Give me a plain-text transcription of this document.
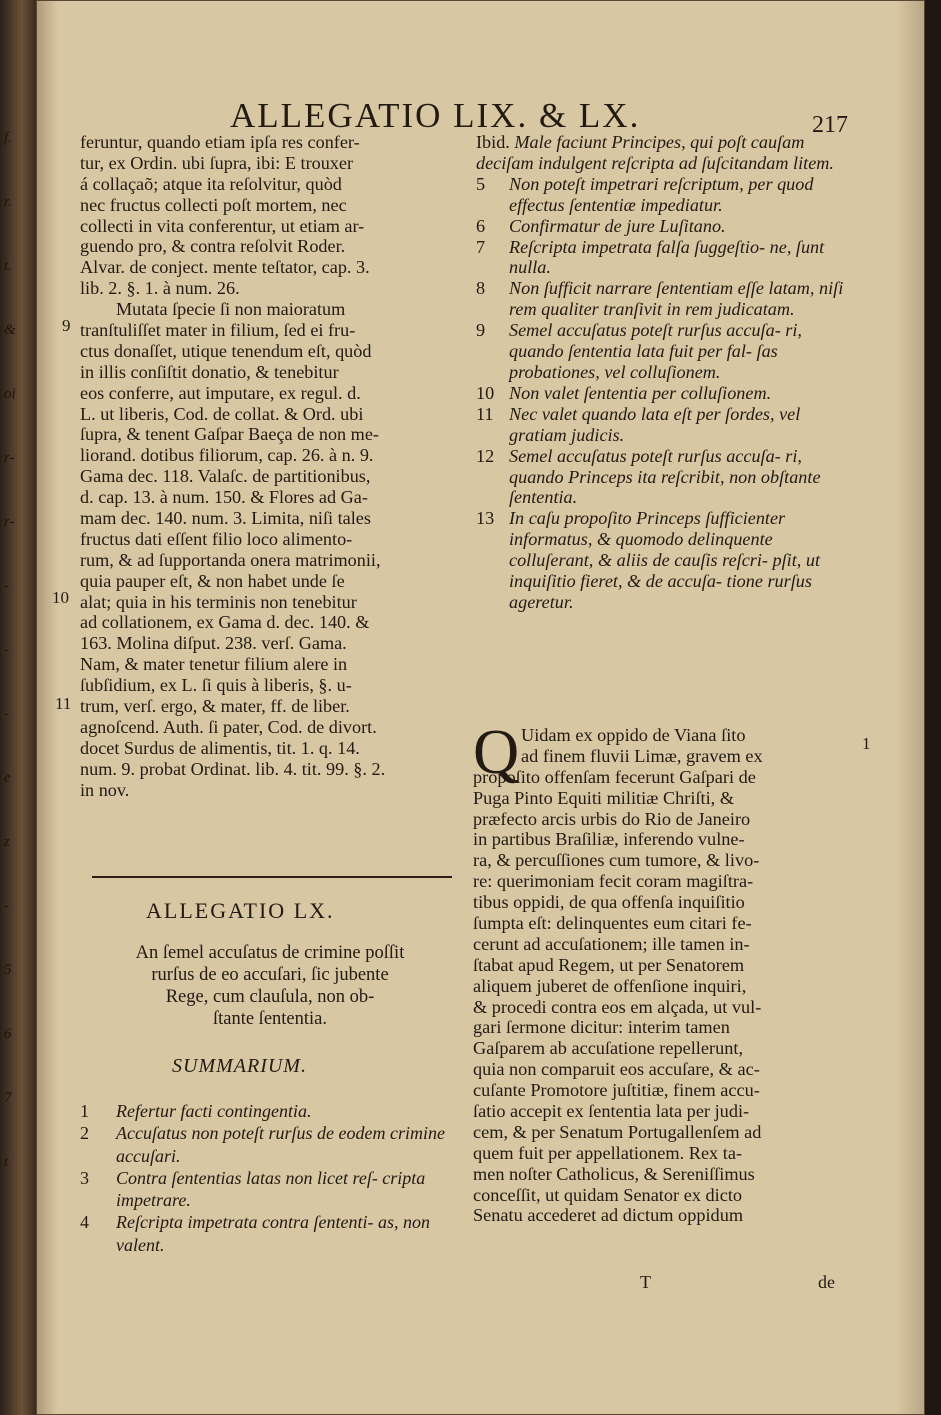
f.
r.
t.
&
oi
r-
r-
-
-
-
e
z
-
5
6
7
t
ALLEGATIO LIX. & LX.	217
feruntur, quando etiam ipſa res confer-
tur, ex Ordin. ubi ſupra, ibi: E trouxer
á collaçaõ; atque ita reſolvitur, quòd
nec fructus collecti poſt mortem, nec
collecti in vita conferentur, ut etiam ar-
guendo pro, & contra reſolvit Roder.
Alvar. de conject. mente teſtator, cap. 3.
lib. 2. §. 1. à num. 26.
Mutata ſpecie ſi non maioratum
tranſtuliſſet mater in filium, ſed ei fru-
ctus donaſſet, utique tenendum eſt, quòd
in illis conſiſtit donatio, & tenebitur
eos conferre, aut imputare, ex regul. d.
L. ut liberis, Cod. de collat. & Ord. ubi
ſupra, & tenent Gaſpar Baeça de non me-
liorand. dotibus filiorum, cap. 26. à n. 9.
Gama dec. 118. Valaſc. de partitionibus,
d. cap. 13. à num. 150. & Flores ad Ga-
mam dec. 140. num. 3. Limita, niſi tales
fructus dati eſſent filio loco alimento-
rum, & ad ſupportanda onera matrimonii,
quia pauper eſt, & non habet unde ſe
alat; quia in his terminis non tenebitur
ad collationem, ex Gama d. dec. 140. &
163. Molina diſput. 238. verſ. Gama.
Nam, & mater tenetur filium alere in
ſubſidium, ex L. ſi quis à liberis, §. u-
trum, verſ. ergo, & mater, ff. de liber.
agnoſcend. Auth. ſi pater, Cod. de divort.
docet Surdus de alimentis, tit. 1. q. 14.
num. 9. probat Ordinat. lib. 4. tit. 99. §. 2.
in nov.
9
10
11
ALLEGATIO LX.
An ſemel accuſatus de crimine poſſit
rurſus de eo accuſari, ſic jubente
Rege, cum clauſula, non ob-
ſtante ſententia.
SUMMARIUM.
1 Refertur facti contingentia.
2 Accuſatus non poteſt rurſus de eodem crimine accuſari.
3 Contra ſententias latas non licet reſ- cripta impetrare.
4 Reſcripta impetrata contra ſententi- as, non valent.
Ibid. Male faciunt Principes, qui poſt cauſam deciſam indulgent reſcripta ad ſuſcitandam litem.
5 Non poteſt impetrari reſcriptum, per quod effectus ſententiæ impediatur.
6 Confirmatur de jure Luſitano.
7 Reſcripta impetrata falſa ſuggeſtio- ne, ſunt nulla.
8 Non ſufficit narrare ſententiam eſſe latam, niſi rem qualiter tranſivit in rem judicatam.
9 Semel accuſatus poteſt rurſus accuſa- ri, quando ſententia lata fuit per fal- ſas probationes, vel colluſionem.
10 Non valet ſententia per colluſionem.
11 Nec valet quando lata eſt per ſordes, vel gratiam judicis.
12 Semel accuſatus poteſt rurſus accuſa- ri, quando Princeps ita reſcribit, non obſtante ſententia.
13 In caſu propoſito Princeps ſufficienter informatus, & quomodo delinquente colluſerant, & aliis de cauſis reſcri- pſit, ut inquiſitio fieret, & de accuſa- tione rurſus ageretur.
Q Uidam ex oppido de Viana ſito
ad finem fluvii Limæ, gravem ex
propoſito offenſam fecerunt Gaſpari de
Puga Pinto Equiti militiæ Chriſti, &
præfecto arcis urbis do Rio de Janeiro
in partibus Braſiliæ, inferendo vulne-
ra, & percuſſiones cum tumore, & livo-
re: querimoniam fecit coram magiſtra-
tibus oppidi, de qua offenſa inquiſitio
ſumpta eſt: delinquentes eum citari fe-
cerunt ad accuſationem; ille tamen in-
ſtabat apud Regem, ut per Senatorem
aliquem juberet de offenſione inquiri,
& procedi contra eos em alçada, ut vul-
gari ſermone dicitur: interim tamen
Gaſparem ab accuſatione repellerunt,
quia non comparuit eos accuſare, & ac-
cuſante Promotore juſtitiæ, finem accu-
ſatio accepit ex ſententia lata per judi-
cem, & per Senatum Portugallenſem ad
quem fuit per appellationem. Rex ta-
men noſter Catholicus, & Sereniſſimus
conceſſit, ut quidam Senator ex dicto
Senatu accederet ad dictum oppidum
1
T	de
